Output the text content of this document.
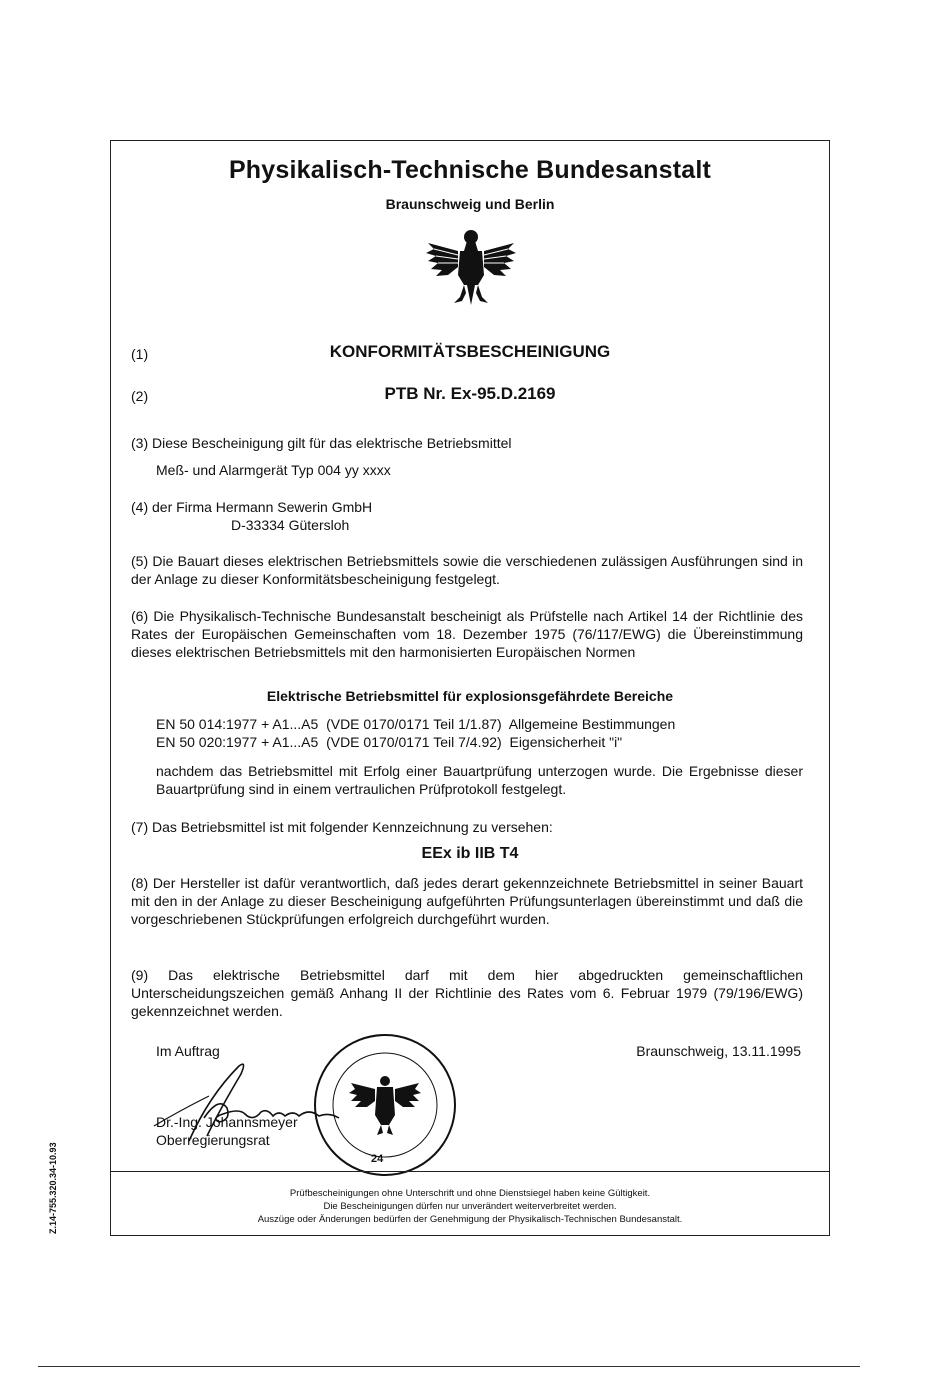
Physikalisch-Technische Bundesanstalt
Braunschweig und Berlin
(1)	KONFORMITÄTSBESCHEINIGUNG
(2)	PTB Nr. Ex-95.D.2169
(3) Diese Bescheinigung gilt für das elektrische Betriebsmittel
Meß- und Alarmgerät Typ 004 yy xxxx
(4) der Firma Hermann Sewerin GmbH
D-33334 Gütersloh
(5) Die Bauart dieses elektrischen Betriebsmittels sowie die verschiedenen zulässigen Ausführungen sind in der Anlage zu dieser Konformitätsbescheinigung festgelegt.
(6) Die Physikalisch-Technische Bundesanstalt bescheinigt als Prüfstelle nach Artikel 14 der Richtlinie des Rates der Europäischen Gemeinschaften vom 18. Dezember 1975 (76/117/EWG) die Übereinstimmung dieses elektrischen Betriebsmittels mit den harmonisierten Europäischen Normen
Elektrische Betriebsmittel für explosionsgefährdete Bereiche
EN 50 014:1977 + A1...A5  (VDE 0170/0171 Teil 1/1.87)  Allgemeine Bestimmungen
EN 50 020:1977 + A1...A5  (VDE 0170/0171 Teil 7/4.92)  Eigensicherheit "i"
nachdem das Betriebsmittel mit Erfolg einer Bauartprüfung unterzogen wurde. Die Ergebnisse dieser Bauartprüfung sind in einem vertraulichen Prüfprotokoll festgelegt.
(7) Das Betriebsmittel ist mit folgender Kennzeichnung zu versehen:
EEx ib IIB T4
(8) Der Hersteller ist dafür verantwortlich, daß jedes derart gekennzeichnete Betriebsmittel in seiner Bauart mit den in der Anlage zu dieser Bescheinigung aufgeführten Prüfungsunterlagen übereinstimmt und daß die vorgeschriebenen Stückprüfungen erfolgreich durchgeführt wurden.
(9) Das elektrische Betriebsmittel darf mit dem hier abgedruckten gemeinschaftlichen Unterscheidungszeichen gemäß Anhang II der Richtlinie des Rates vom 6. Februar 1979 (79/196/EWG) gekennzeichnet werden.
Im Auftrag	Braunschweig, 13.11.1995
Dr.-Ing. Johannsmeyer
Oberregierungsrat
24
Prüfbescheinigungen ohne Unterschrift und ohne Dienstsiegel haben keine Gültigkeit.
Die Bescheinigungen dürfen nur unverändert weiterverbreitet werden.
Auszüge oder Änderungen bedürfen der Genehmigung der Physikalisch-Technischen Bundesanstalt.
Z.14-755.320.34-10.93
